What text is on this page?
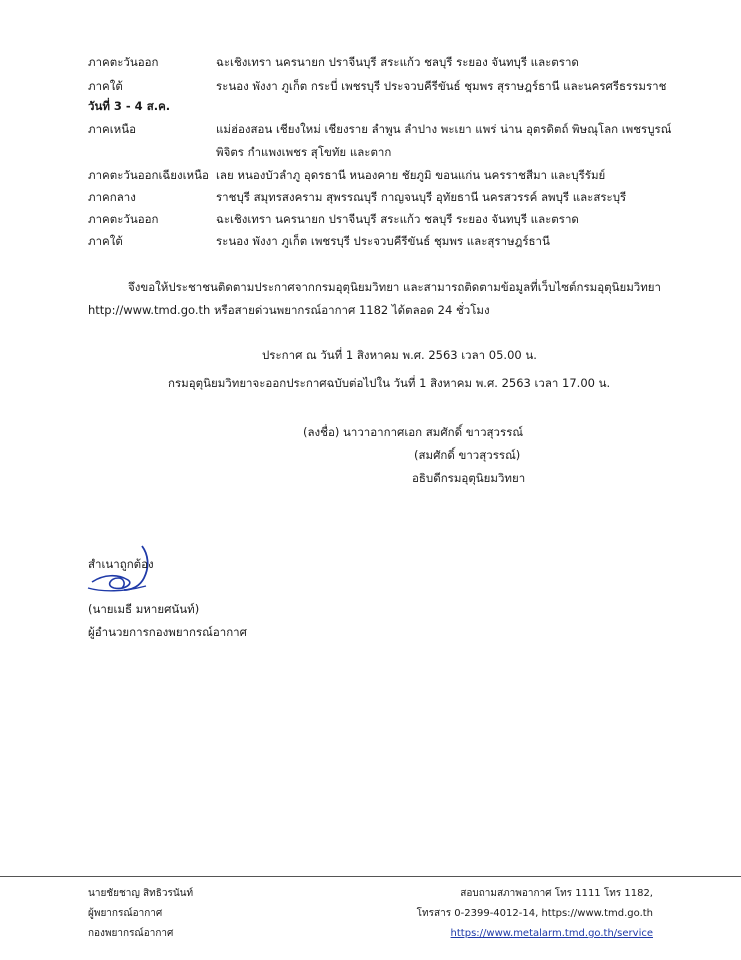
ภาคตะวันออก	ฉะเชิงเทรา นครนายก ปราจีนบุรี สระแก้ว ชลบุรี ระยอง จันทบุรี และตราด
ภาคใต้	ระนอง พังงา ภูเก็ต กระบี่ เพชรบุรี ประจวบคีรีขันธ์ ชุมพร สุราษฎร์ธานี และนครศรีธรรมราช
วันที่ 3 - 4 ส.ค.
ภาคเหนือ	แม่ฮ่องสอน เชียงใหม่ เชียงราย ลำพูน ลำปาง พะเยา แพร่ น่าน อุตรดิตถ์ พิษณุโลก เพชรบูรณ์
พิจิตร กำแพงเพชร สุโขทัย และตาก
ภาคตะวันออกเฉียงเหนือ เลย หนองบัวลำภู อุดรธานี หนองคาย ชัยภูมิ ขอนแก่น นครราชสีมา และบุรีรัมย์
ภาคกลาง	ราชบุรี สมุทรสงคราม สุพรรณบุรี กาญจนบุรี อุทัยธานี นครสวรรค์ ลพบุรี และสระบุรี
ภาคตะวันออก	ฉะเชิงเทรา นครนายก ปราจีนบุรี สระแก้ว ชลบุรี ระยอง จันทบุรี และตราด
ภาคใต้	ระนอง พังงา ภูเก็ต เพชรบุรี ประจวบคีรีขันธ์ ชุมพร และสุราษฎร์ธานี
จึงขอให้ประชาชนติดตามประกาศจากกรมอุตุนิยมวิทยา และสามารถติดตามข้อมูลที่เว็บไซต์กรมอุตุนิยมวิทยา
http://www.tmd.go.th หรือสายด่วนพยากรณ์อากาศ 1182 ได้ตลอด 24 ชั่วโมง
ประกาศ ณ วันที่ 1 สิงหาคม พ.ศ. 2563 เวลา 05.00 น.
กรมอุตุนิยมวิทยาจะออกประกาศฉบับต่อไปใน วันที่ 1 สิงหาคม พ.ศ. 2563 เวลา 17.00 น.
(ลงชื่อ) นาวาอากาศเอก สมศักดิ์ ขาวสุวรรณ์
(สมศักดิ์ ขาวสุวรรณ์)
อธิบดีกรมอุตุนิยมวิทยา
สำเนาถูกต้อง
(นายเมธี มหายศนันท์)
ผู้อำนวยการกองพยากรณ์อากาศ
นายชัยชาญ สิทธิวรนันท์
ผู้พยากรณ์อากาศ
กองพยากรณ์อากาศ
สอบถามสภาพอากาศ โทร 1111 โทร 1182,
โทรสาร 0-2399-4012-14, https://www.tmd.go.th
https://www.metalarm.tmd.go.th/service
